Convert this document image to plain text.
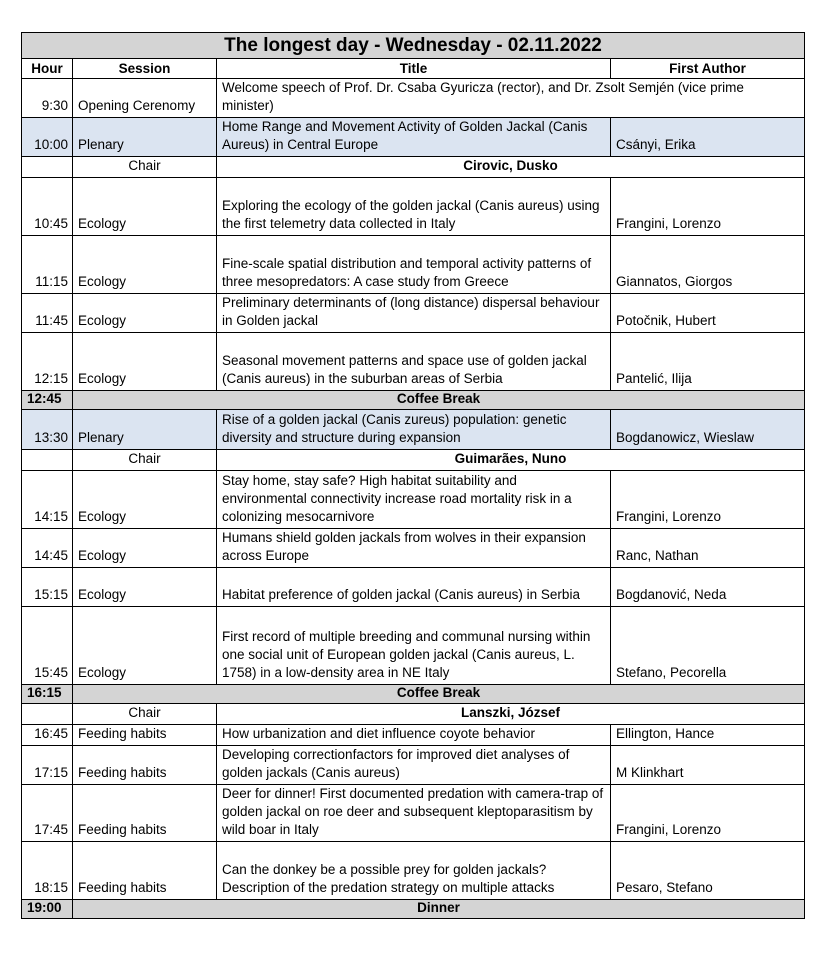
The longest day - Wednesday - 02.11.2022			
Hour	Session	Title	First Author
9:30	Opening Cerenomy	Welcome speech of Prof. Dr. Csaba Gyuricza (rector), and Dr. Zsolt Semjén (vice prime minister)	
10:00	Plenary	Home Range and Movement Activity of Golden Jackal (Canis Aureus) in Central Europe	Csányi, Erika
	Chair	Cirovic, Dusko	
10:45	Ecology	Exploring the ecology of the golden jackal (Canis aureus) using the first telemetry data collected in Italy	Frangini, Lorenzo
11:15	Ecology	Fine-scale spatial distribution and temporal activity patterns of three mesopredators: A case study from Greece	Giannatos, Giorgos
11:45	Ecology	Preliminary determinants of (long distance) dispersal behaviour in Golden jackal	Potočnik, Hubert
12:15	Ecology	Seasonal movement patterns and space use of golden jackal (Canis aureus) in the suburban areas of Serbia	Pantelić, Ilija
12:45	Coffee Break		
13:30	Plenary	Rise of a golden jackal (Canis zureus) population: genetic diversity and structure during expansion	Bogdanowicz, Wieslaw
	Chair	Guimarães, Nuno	
14:15	Ecology	Stay home, stay safe? High habitat suitability and environmental connectivity increase road mortality risk in a colonizing mesocarnivore	Frangini, Lorenzo
14:45	Ecology	Humans shield golden jackals from wolves in their expansion across Europe	Ranc, Nathan
15:15	Ecology	Habitat preference of golden jackal (Canis aureus) in Serbia	Bogdanović, Neda
15:45	Ecology	First record of multiple breeding and communal nursing within one social unit of European golden jackal (Canis aureus, L. 1758) in a low-density area in NE Italy	Stefano, Pecorella
16:15	Coffee Break		
	Chair	Lanszki, József	
16:45	Feeding habits	How urbanization and diet influence coyote behavior	Ellington, Hance
17:15	Feeding habits	Developing correctionfactors for improved diet analyses of golden jackals (Canis aureus)	M Klinkhart
17:45	Feeding habits	Deer for dinner! First documented predation with camera-trap of golden jackal on roe deer and subsequent kleptoparasitism by wild boar in Italy	Frangini, Lorenzo
18:15	Feeding habits	Can the donkey be a possible prey for golden jackals? Description of the predation strategy on multiple attacks	Pesaro, Stefano
19:00	Dinner		
